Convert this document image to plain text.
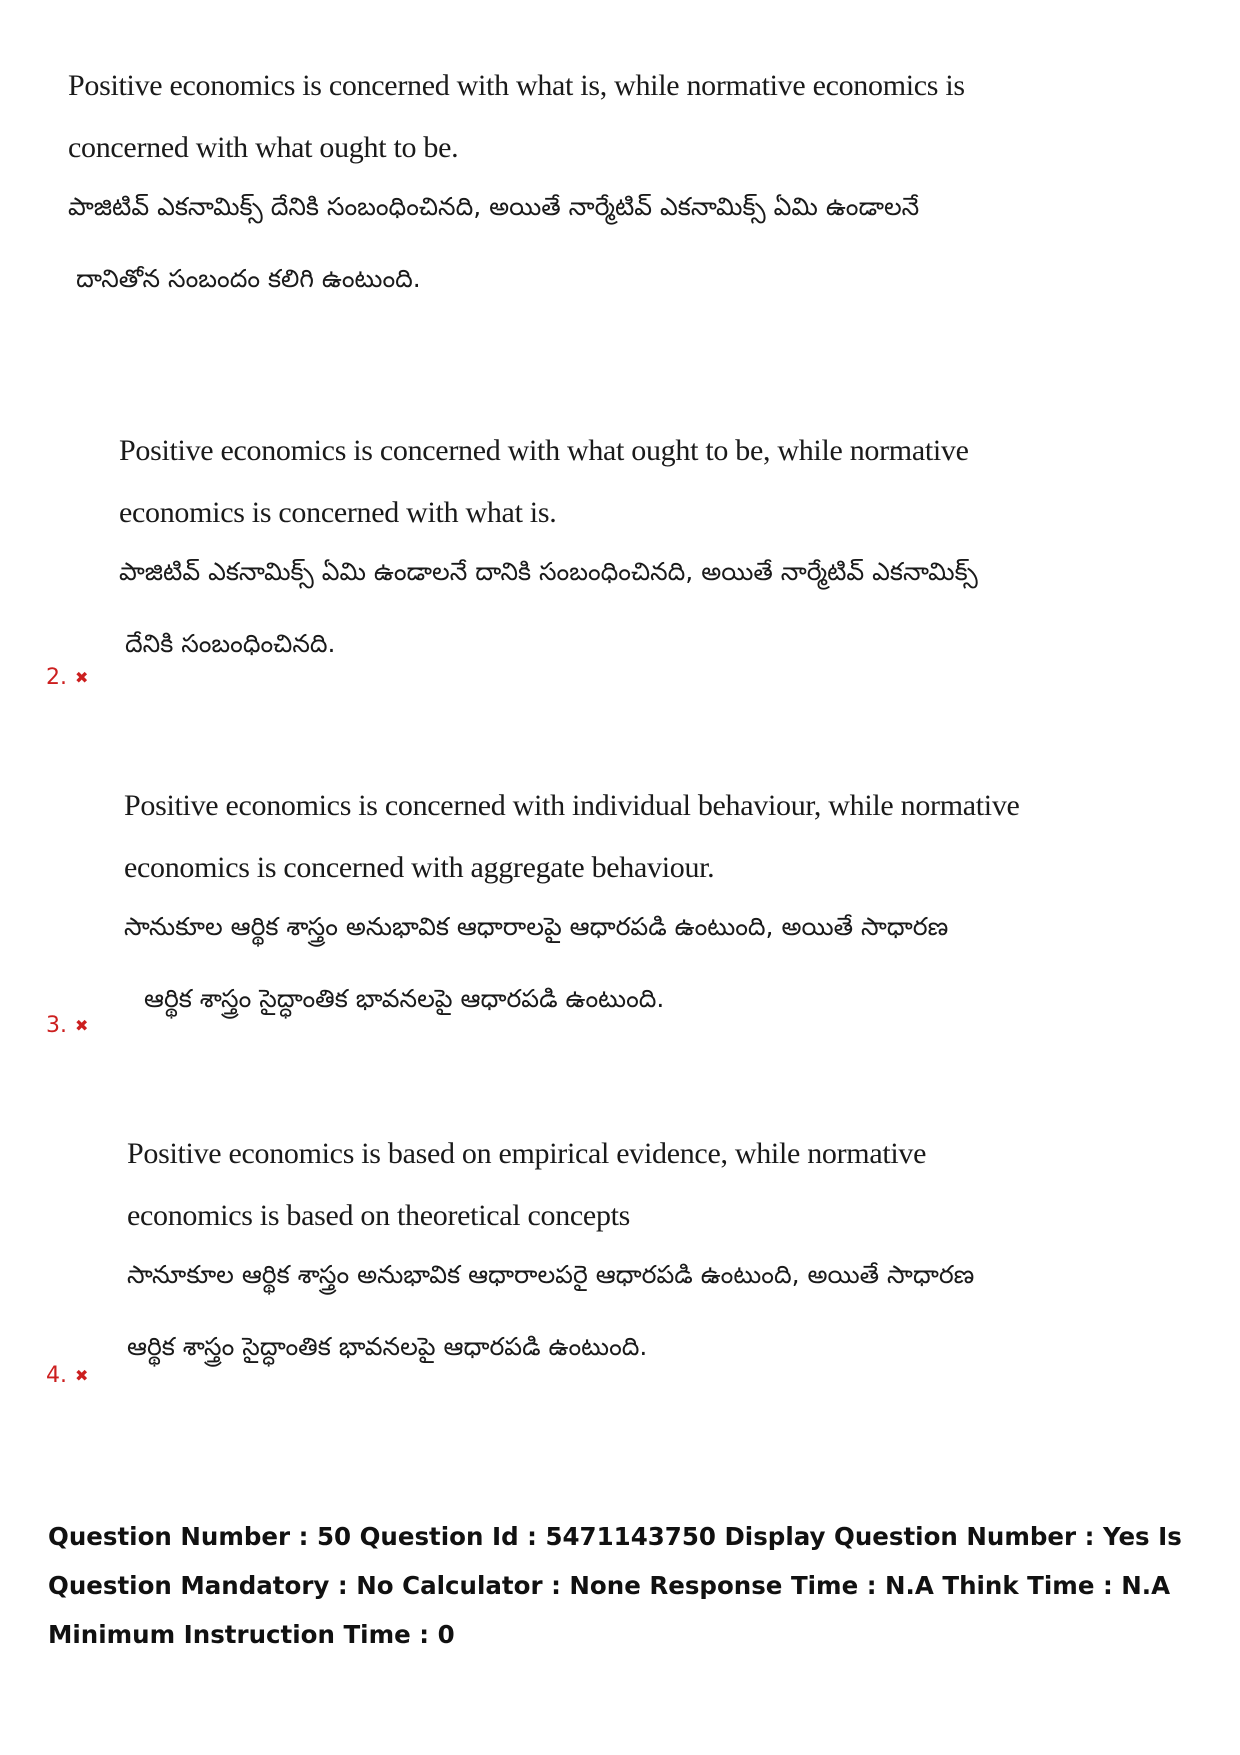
Positive economics is concerned with what is, while normative economics is
concerned with what ought to be.
పాజిటివ్ ఎకనామిక్స్ దేనికి సంబంధించినది, అయితే నార్మేటివ్ ఎకనామిక్స్ ఏమి ఉండాలనే
దానితోన సంబందం కలిగి ఉంటుంది.
Positive economics is concerned with what ought to be, while normative
economics is concerned with what is.
పాజిటివ్ ఎకనామిక్స్ ఏమి ఉండాలనే దానికి సంబంధించినది, అయితే నార్మేటివ్ ఎకనామిక్స్
దేనికి సంబంధించినది.
2. ✖
Positive economics is concerned with individual behaviour, while normative
economics is concerned with aggregate behaviour.
సానుకూల ఆర్థిక శాస్త్రం అనుభావిక ఆధారాలపై ఆధారపడి ఉంటుంది, అయితే సాధారణ
ఆర్థిక శాస్త్రం సైద్ధాంతిక భావనలపై ఆధారపడి ఉంటుంది.
3. ✖
Positive economics is based on empirical evidence, while normative
economics is based on theoretical concepts
సానూకూల ఆర్థిక శాస్త్రం అనుభావిక ఆధారాలపరై ఆధారపడి ఉంటుంది, అయితే సాధారణ
ఆర్థిక శాస్త్రం సైద్ధాంతిక భావనలపై ఆధారపడి ఉంటుంది.
4. ✖
Question Number : 50 Question Id : 5471143750 Display Question Number : Yes Is Question Mandatory : No Calculator : None Response Time : N.A Think Time : N.A Minimum Instruction Time : 0
